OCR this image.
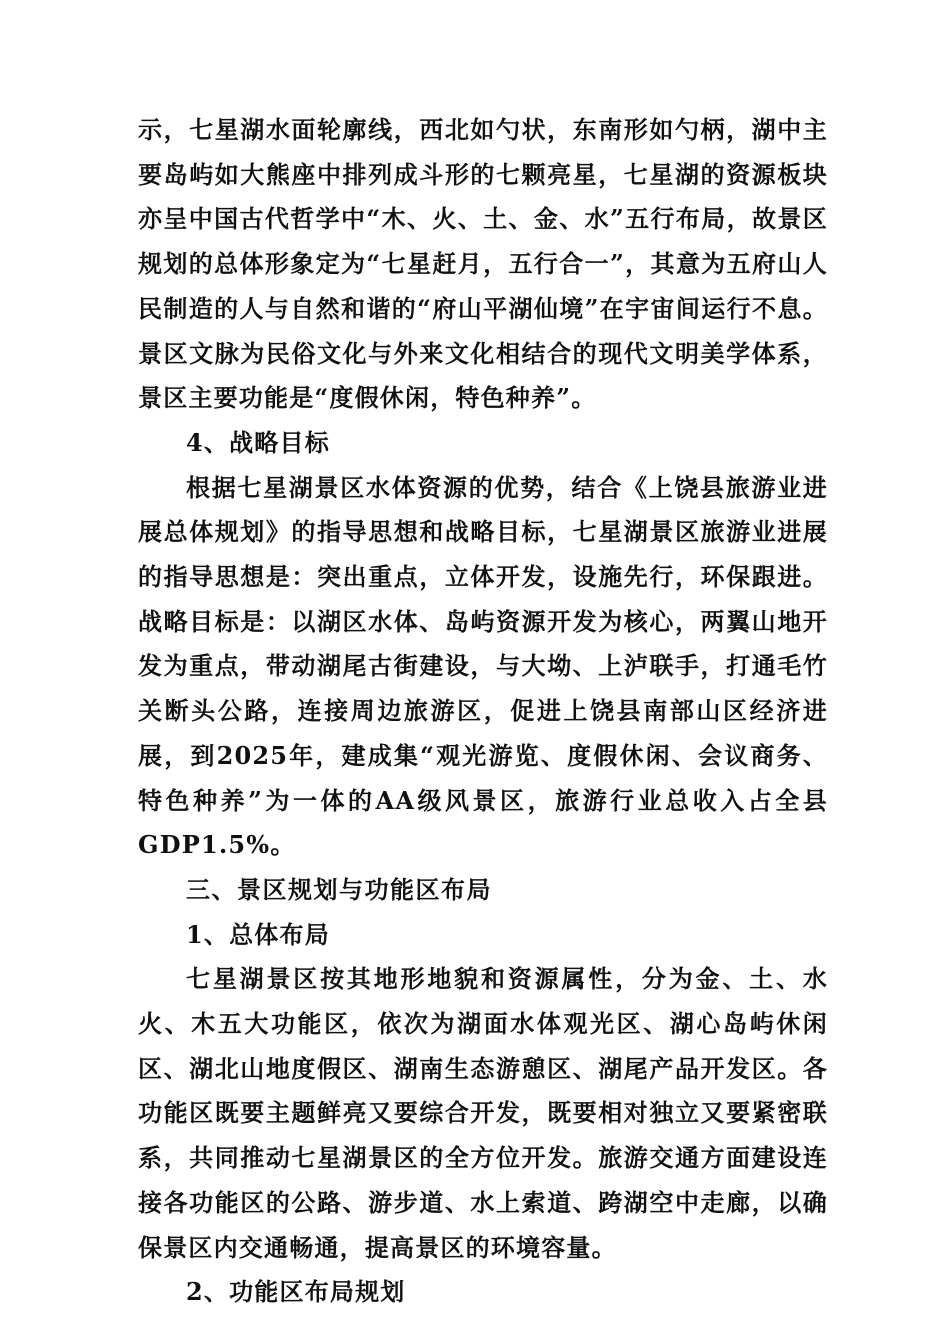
示，七星湖水面轮廓线，西北如勺状，东南形如勺柄，湖中主要岛屿如大熊座中排列成斗形的七颗亮星，七星湖的资源板块亦呈中国古代哲学中“木、火、土、金、水”五行布局，故景区规划的总体形象定为“七星赶月，五行合一”，其意为五府山人民制造的人与自然和谐的“府山平湖仙境”在宇宙间运行不息。景区文脉为民俗文化与外来文化相结合的现代文明美学体系，景区主要功能是“度假休闲，特色种养”。

4、战略目标

根据七星湖景区水体资源的优势，结合《上饶县旅游业进展总体规划》的指导思想和战略目标，七星湖景区旅游业进展的指导思想是：突出重点，立体开发，设施先行，环保跟进。战略目标是：以湖区水体、岛屿资源开发为核心，两翼山地开发为重点，带动湖尾古街建设，与大坳、上泸联手，打通毛竹关断头公路，连接周边旅游区，促进上饶县南部山区经济进展，到2025年，建成集“观光游览、度假休闲、会议商务、特色种养”为一体的AA级风景区，旅游行业总收入占全县GDP1.5%。

三、景区规划与功能区布局

1、总体布局

七星湖景区按其地形地貌和资源属性，分为金、土、水火、木五大功能区，依次为湖面水体观光区、湖心岛屿休闲区、湖北山地度假区、湖南生态游憩区、湖尾产品开发区。各功能区既要主题鲜亮又要综合开发，既要相对独立又要紧密联系，共同推动七星湖景区的全方位开发。旅游交通方面建设连接各功能区的公路、游步道、水上索道、跨湖空中走廊，以确保景区内交通畅通，提高景区的环境容量。

2、功能区布局规划
